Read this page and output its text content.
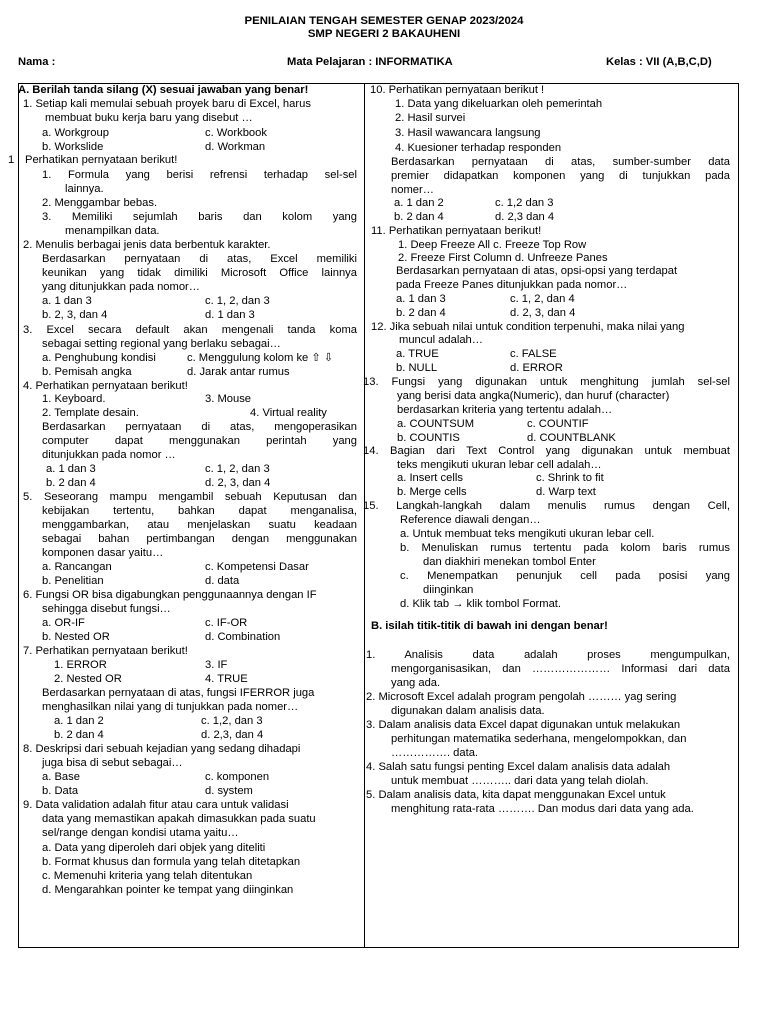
PENILAIAN TENGAH SEMESTER GENAP 2023/2024
SMP NEGERI 2 BAKAUHENI
Nama :	Mata Pelajaran : INFORMATIKA	Kelas : VII (A,B,C,D)
A. Berilah tanda silang (X) sesuai jawaban yang benar!
1. Setiap kali memulai sebuah proyek baru di Excel, harus
membuat buku kerja baru yang disebut …
a. Workgroup	c. Workbook
b. Workslide	d. Workman
1 Perhatikan pernyataan berikut!
1. Formula yang berisi refrensi terhadap sel-sel
lainnya.
2. Menggambar bebas.
3. Memiliki sejumlah baris dan kolom yang
menampilkan data.
2. Menulis berbagai jenis data berbentuk karakter.
Berdasarkan pernyataan di atas, Excel memiliki
keunikan yang tidak dimiliki Microsoft Office lainnya
yang ditunjukkan pada nomor…
a. 1 dan 3	c. 1, 2, dan 3
b. 2, 3, dan 4	d. 1 dan 3
3. Excel secara default akan mengenali tanda koma
sebagai setting regional yang berlaku sebagai…
a. Penghubung kondisi	c. Menggulung kolom ke ⇧ ⇩
b. Pemisah angka	d. Jarak antar rumus
4. Perhatikan pernyataan berikut!
1. Keyboard.	3. Mouse
2. Template desain.	4. Virtual reality
Berdasarkan pernyataan di atas, mengoperasikan
computer dapat menggunakan perintah yang
ditunjukkan pada nomor …
a. 1 dan 3	c. 1, 2, dan 3
b. 2 dan 4	d. 2, 3, dan 4
5. Seseorang mampu mengambil sebuah Keputusan dan
kebijakan tertentu, bahkan dapat menganalisa,
menggambarkan, atau menjelaskan suatu keadaan
sebagai bahan pertimbangan dengan menggunakan
komponen dasar yaitu…
a. Rancangan	c. Kompetensi Dasar
b. Penelitian	d. data
6. Fungsi OR bisa digabungkan penggunaannya dengan IF
sehingga disebut fungsi…
a. OR-IF	c. IF-OR
b. Nested OR	d. Combination
7. Perhatikan pernyataan berikut!
1. ERROR	3. IF
2. Nested OR	4. TRUE
Berdasarkan pernyataan di atas, fungsi IFERROR juga
menghasilkan nilai yang di tunjukkan pada nomer…
a. 1 dan 2	c. 1,2, dan 3
b. 2 dan 4	d. 2,3, dan 4
8. Deskripsi dari sebuah kejadian yang sedang dihadapi
juga bisa di sebut sebagai…
a. Base	c. komponen
b. Data	d. system
9. Data validation adalah fitur atau cara untuk validasi
data yang memastikan apakah dimasukkan pada suatu
sel/range dengan kondisi utama yaitu…
a. Data yang diperoleh dari objek yang diteliti
b. Format khusus dan formula yang telah ditetapkan
c. Memenuhi kriteria yang telah ditentukan
d. Mengarahkan pointer ke tempat yang diinginkan
10. Perhatikan pernyataan berikut !
1. Data yang dikeluarkan oleh pemerintah
2. Hasil survei
3. Hasil wawancara langsung
4. Kuesioner terhadap responden
Berdasarkan pernyataan di atas, sumber-sumber data
premier didapatkan komponen yang di tunjukkan pada
nomer…
a. 1 dan 2	c. 1,2 dan 3
b. 2 dan 4	d. 2,3 dan 4
11. Perhatikan pernyataan berikut!
1. Deep Freeze All c. Freeze Top Row
2. Freeze First Column d. Unfreeze Panes
Berdasarkan pernyataan di atas, opsi-opsi yang terdapat
pada Freeze Panes ditunjukkan pada nomor…
a. 1 dan 3	c. 1, 2, dan 4
b. 2 dan 4	d. 2, 3, dan 4
12. Jika sebuah nilai untuk condition terpenuhi, maka nilai yang
muncul adalah…
a. TRUE	c. FALSE
b. NULL	d. ERROR
13. Fungsi yang digunakan untuk menghitung jumlah sel-sel
yang berisi data angka(Numeric), dan huruf (character)
berdasarkan kriteria yang tertentu adalah…
a. COUNTSUM	c. COUNTIF
b. COUNTIS	d. COUNTBLANK
14. Bagian dari Text Control yang digunakan untuk membuat
teks mengikuti ukuran lebar cell adalah…
a. Insert cells	c. Shrink to fit
b. Merge cells	d. Warp text
15. Langkah-langkah dalam menulis rumus dengan Cell,
Reference diawali dengan…
a. Untuk membuat teks mengikuti ukuran lebar cell.
b. Menuliskan rumus tertentu pada kolom baris rumus
dan diakhiri menekan tombol Enter
c. Menempatkan penunjuk cell pada posisi yang
diinginkan
d. Klik tab → klik tombol Format.
B. isilah titik-titik di bawah ini dengan benar!
1. Analisis data adalah proses mengumpulkan,
mengorganisasikan, dan ………………… Informasi dari data
yang ada.
2. Microsoft Excel adalah program pengolah ……… yag sering
digunakan dalam analisis data.
3. Dalam analisis data Excel dapat digunakan untuk melakukan
perhitungan matematika sederhana, mengelompokkan, dan
……………. data.
4. Salah satu fungsi penting Excel dalam analisis data adalah
untuk membuat ……….. dari data yang telah diolah.
5. Dalam analisis data, kita dapat menggunakan Excel untuk
menghitung rata-rata ………. Dan modus dari data yang ada.
